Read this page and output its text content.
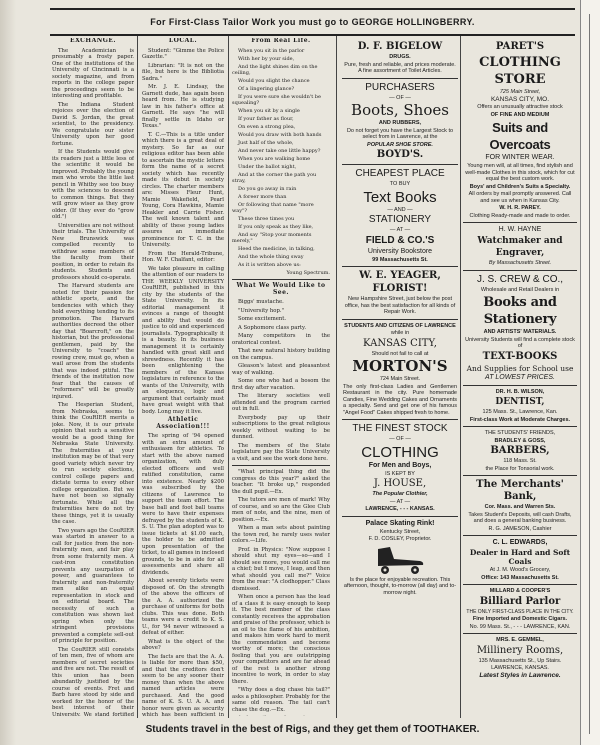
For First-Class Tailor Work you must go to GEORGE HOLLINGBERRY.
EXCHANGE.

The Academician is presumably a frosty paper. One of the institutions of the University of Cincinnati is a society magazine, and from reports in the college paper the proceedings seem to be interesting and profitable.

The Indiana Student rejoices over the election of David S. Jordan, the great scientist, to the presidency. We congratulate our sister University upon her good fortune.

If the Students would give its readers just a little less of the scientific it would be improved. Probably the young men who wrote the little last pencil in Whitby see too busy with the sciences to descend to common things. But they will grow wiser as they grow older. (If they ever do "grow old.")

Universities are not without their trials. The University of New Brunswick was compelled recently to withdraw some members of the faculty from their position, in order to retain its students. Students and professors should co-operate.

The Harvard students are noted for their passion for athletic sports, and the tendencies with which they hold everything tending to its promotion. The Harvard authorities decreed the other day that "Boarcroft," on the historian, but the professional gentlemen, paid by the University to "coach" the rowing crew, must go, when a wail arose from the students that was indeed pitiful. The friends of the institution now fear that the causes of "reformers" will be greatly injured.

The Hesperian Student, from Nebraska, seems to think the CouRIER merits a joke. Now, it is our private opinion that such a sensitive would be a good thing for Nebraska State University. The fraternities at your institution may be of that very good variety which never try to run society elections, control college papers and dictate terms to every other college organization. But we have not been so signally fortunate. While all the fraternities here do not try these things, yet it is usually the case.

Two years ago the CouRIER was started in answer to a call for justice from the non-fraternity men, and fair play from some fraternity men. A cast-iron constitution prevents any usurpation of power, and guarantees to fraternity and non-fraternity men alike an equal representation in stock and on editorial board. The necessity of such a constitution was shown last spring when only the stringent provisions prevented a complete sell-out of principle for position.

The CouRIER still consists of ten men, five of whom are members of secret societies and five are not. The result of this union has been abundantly justified by the course of events. Fret and Barb have stood by side and worked for the honor of the best interest of their University. We stand fortified

LOCAL.

Student: "Gimme the Police Gazette."

Librarian: "It is not on the file, but here is the Bibliotia Sadra."

Mr. J. E. Lindsay, the Garnett dude, has again been heard from. He is studying law in his father's office at Garnett. He says "he will finally settle in Idaho or Texas."

T. C.—This is a title under which there is a great deal of mystery. So far as our religious editor has been able to ascertain the mystic letters form the name of a secret society which has recently made its debut in society circles. The charter members are: Misses Fleur Hunt, Mamie Wakefield, Pearl Young, Cora Hawkins, Mamie Heakler and Carrie Fisher. The well known talent and ability of these young ladies assures an immediate prominence for T. C. in the University.

From the Herald-Tribune, Hon. W. F. Chalfant, editor:

We take pleasure in calling the attention of our readers to THE WEEKLY UNIVERSITY CouRIER, published in this city by the students of the State University. In its editorial management it evinces a range of thought and ability that would do justice to old and experienced journalists. Typographically it is a beauty. In its business management it is certainly handled with great skill and shrewdness. Recently it has been enlightening the members of the Kansas legislature in reference to the wants of the University, with an eloquence, logic and argument that certainly must have great weight with that body. Long may it live.

Athletic Association!!!

The spring of '94 opened with an extra amount of enthusiasm for athletics. To start with the above named organization, with duly elected officers and well ratified constitution, came into existence. Nearly $200 was subscribed by the citizens of Lawrence to support the team effort. The base ball and foot ball teams were to have their expenses defrayed by the students of K. S. U. The plan adopted was to issue tickets at $1.00 each, the holder to be admitted upon presentation of the ticket, to all games in inclosed grounds, to be in aide for all assessments and share all dividends.

About seventy tickets were disposed of. On the strength of the above the officers of the A. A. authorized the purchase of uniforms for both clubs. This was done. Both teams were a credit to K. S. U., for '94 never witnessed a defeat of either.

What is the object of the above?

The facts are that the A. A. is liable for more than $50, and that the creditors don't seem to be any sooner their money than when the above named articles were purchased. And the good name of K. S. U. A. A. and honor were given as security which has been sufficient in

From Real Life.

When you sit in the parlor

With her by your side,

And the light shines dim on the ceiling,

Would you slight the chance

Of a lingering glance?

If you were sure she wouldn't be squealing?

When you sit by a single

If your father as flour,

On even a strong plea,

Would you draw with both hands

Just half of the whole,

And never take one little happy?

When you are walking home

Under the ballot night,

And at the corner the path you stray,

Do you go away in rain

A foreer more than

Or following that name "more way"?

These three times you

If you only speak as they like,

And say "Stop your moments merely,"

Heed the medicine, in talking,

And the whole thing sway

As it is written above us:

Young Spectrum.

What We Would Like to See.

Biggs' mustache.

"University hop."

Some excitement.

A Sophomore class party.

Many competitors in the oratorical contest.

That new natural history building on the campus.

Gleason's latest and pleasantest way of walking.

Some one who had a bosom the first day after vacation.

The literary societies well attended and the program carried out in full.

Everybody pay up their subscriptions to the great religious weekly without waiting to be dunned.

The members of the State legislature pay the State University a visit, and see the work done here.

"What principal thing did the congress do this year?" asked the teacher. "It broke up," responded the dull pupil.—Ex.

The tutors are men of mark! Why of course, and so are the Glee Club men of note, and the nine, men of position.—Ex.

When a man sets about painting the town red, he rarely uses water colors.—Life.

Prof. in Physics: "Now suppose I should shut my eyes—so—and I should see more, you would call me a chief; but I move, I leap, and then what should you call me?" Voice from the rear: "A clodhopper." Class dismissed.

When once a person has the lead of a class it is easy enough to keep it. The best member of the class constantly receives the approbation and praise of the professor, which is an oil to the flame of his ambition, and makes him work hard to merit the commendation and become worthy of more; the conscious feeling that you are outstripping your competitors and are far ahead of the rest is another strong incentive to work, in order to stay there.

"Why does a dog chase his tail?" asks a philosopher. Probably for the same old reason. The tail can't chase the dog.—Ex.

D. F. BIGELOW
DRUGS.
Pure, fresh and reliable, and prices moderate. A fine assortment of Toilet Articles.
PURCHASERS
— OF —
Boots, Shoes
AND RUBBERS,
Do not forget you have the Largest Stock to select from in Lawrence, at the
POPULAR SHOE STORE.
BOYD'S.
CHEAPEST PLACE
TO BUY
Text Books
— AND —
STATIONERY
— AT —
FIELD & CO.'S
University Bookstore
99 Massachusetts St.
W. E. YEAGER,
FLORIST!
New Hampshire Street, just below the post office, has the best satisfaction for all kinds of Repair Work.
STUDENTS AND CITIZENS OF LAWRENCE
while in
KANSAS CITY,
Should not fail to call at
MORTON'S
724 Main Street.
The only first-class Ladies and Gentlemen Restaurant in the city. Pure homemade Candies, Fine Wedding Cakes and Ornaments a specialty. Send and get one of his famous "Angel Food" Cakes shipped fresh to home.
THE FINEST STOCK
— OF —
CLOTHING
For Men and Boys,
IS KEPT BY
J. HOUSE,
The Popular Clothier,
— AT —
LAWRENCE, - - - KANSAS.
Palace Skating Rink!
Kentucky Street,
F. D. COSLEY, Proprietor.
Is the place for enjoyable recreation. This afternoon, thought, to-morrow (all day) and to-morrow night.
PARET'S
CLOTHING STORE
725 Main Street,
KANSAS CITY, MO.
Offers an unusually attractive stock
OF FINE AND MEDIUM
Suits and Overcoats
FOR WINTER WEAR.
Young men will, at all times, find stylish and well-made Clothes in this stock, which for cut equal the best custom work.
Boys' and Children's Suits a Specialty.
All orders by mail promptly answered. Call and see us when in Kansas City.
W. H. R. PAREY.
Clothing Ready-made and made to order.
H. W. HAYNE
Watchmaker and Engraver,
By Massachusetts Street.
J. S. CREW & CO.,
Wholesale and Retail Dealers in
Books and Stationery
AND ARTISTS' MATERIALS.
University Students will find a complete stock of
TEXT-BOOKS
And Supplies for School use
AT LOWEST PRICES.
DR. H. B. WILSON,
DENTIST,
125 Mass. St., Lawrence, Kan.
First-class Work at Moderate Charges.
THE STUDENTS' FRIENDS,
BRADLEY & GOSS,
BARBERS,
118 Mass. St.
the Place for Tonsorial work.
The Merchants' Bank,
Cor. Mass. and Warren Sts.
Takes Student's Deposits, will cash Drafts, and does a general banking business.
R. G. JAMESON, Cashier
C. L. EDWARDS,
Dealer in Hard and Soft Coals
At J. M. Wood's Grocery,
Office: 143 Massachusetts St.
MILLARD & COOPER'S
Billiard Parlor
THE ONLY FIRST-CLASS PLACE IN THE CITY.
Fine Imported and Domestic Cigars.
No. 99 Mass. St., - - - LAWRENCE, KAN.
MRS. E. GEMMEL,
Millinery Rooms,
135 Massachusetts St., Up Stairs.
LAWRENCE, KANSAS.
Latest Styles in Lawrence.
Students travel in the best of Rigs, and they get them of TOOTHAKER.
